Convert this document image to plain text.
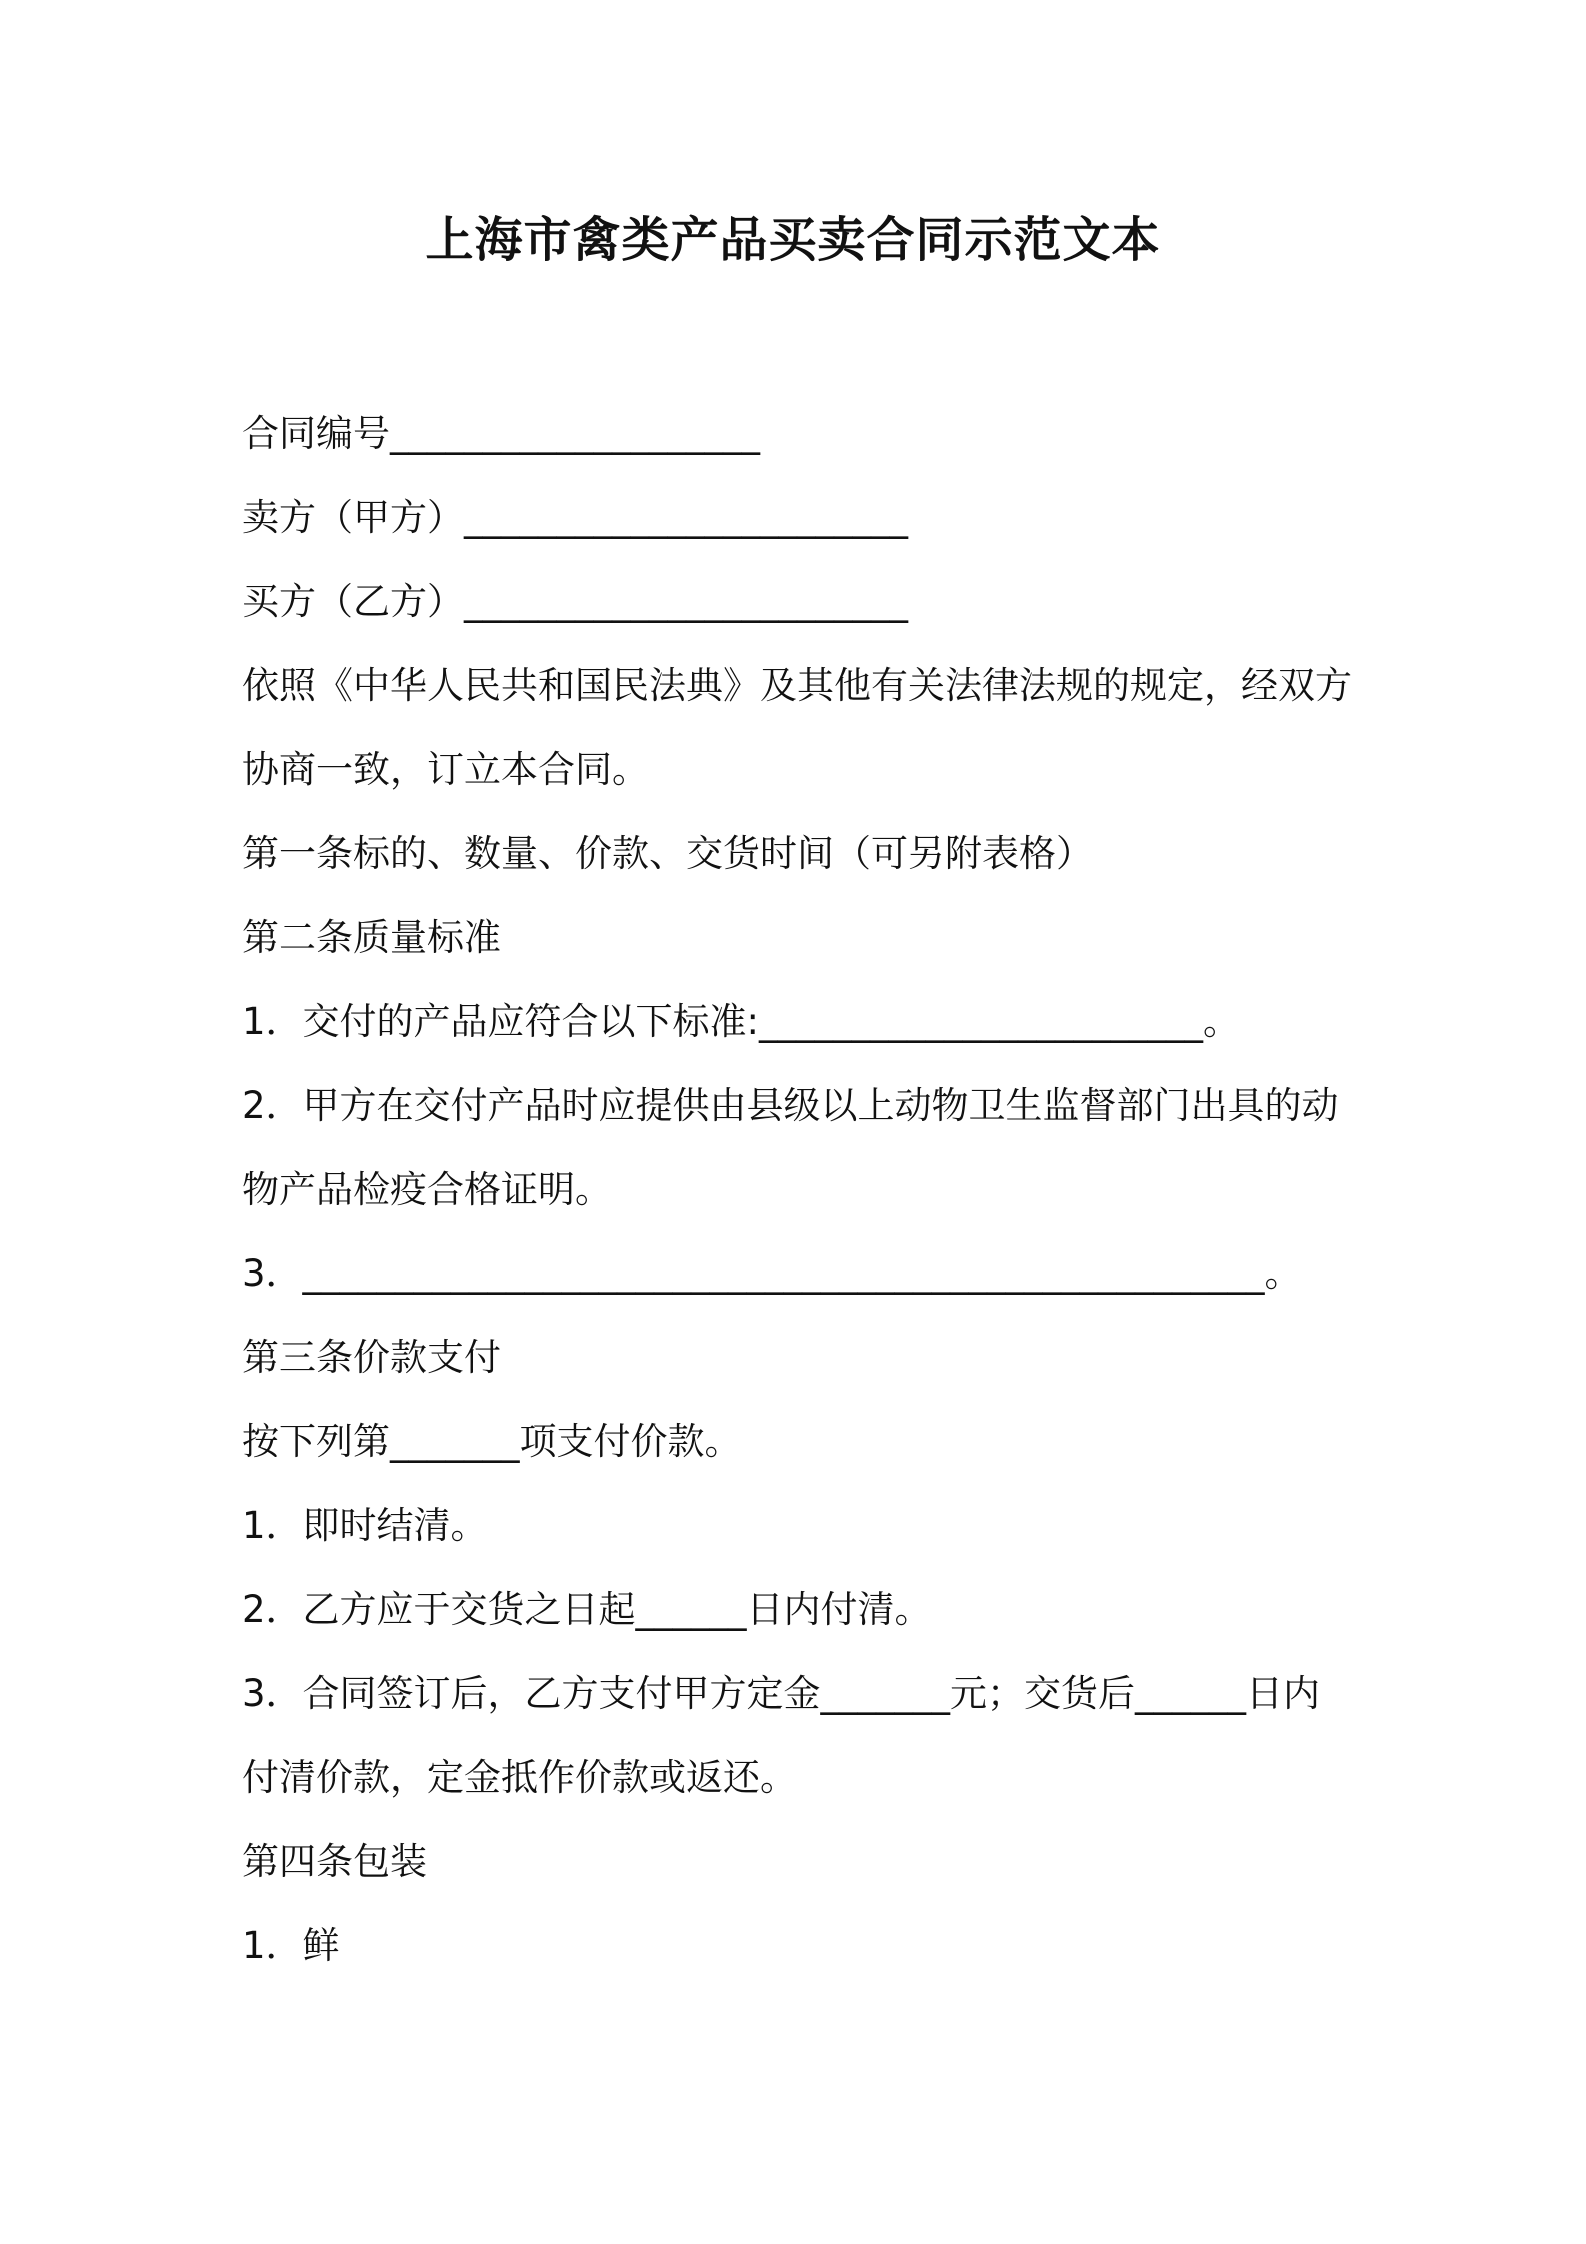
上海市禽类产品买卖合同示范文本
合同编号____________________
卖方（甲方）________________________
买方（乙方）________________________
依照《中华人民共和国民法典》及其他有关法律法规的规定，经双方
协商一致，订立本合同。
第一条标的、数量、价款、交货时间（可另附表格）
第二条质量标准
1．交付的产品应符合以下标准:________________________。
2．甲方在交付产品时应提供由县级以上动物卫生监督部门出具的动
物产品检疫合格证明。
3．____________________________________________________。
第三条价款支付
按下列第_______项支付价款。
1．即时结清。
2．乙方应于交货之日起______日内付清。
3．合同签订后，乙方支付甲方定金_______元；交货后______日内
付清价款，定金抵作价款或返还。
第四条包装
1．鲜
